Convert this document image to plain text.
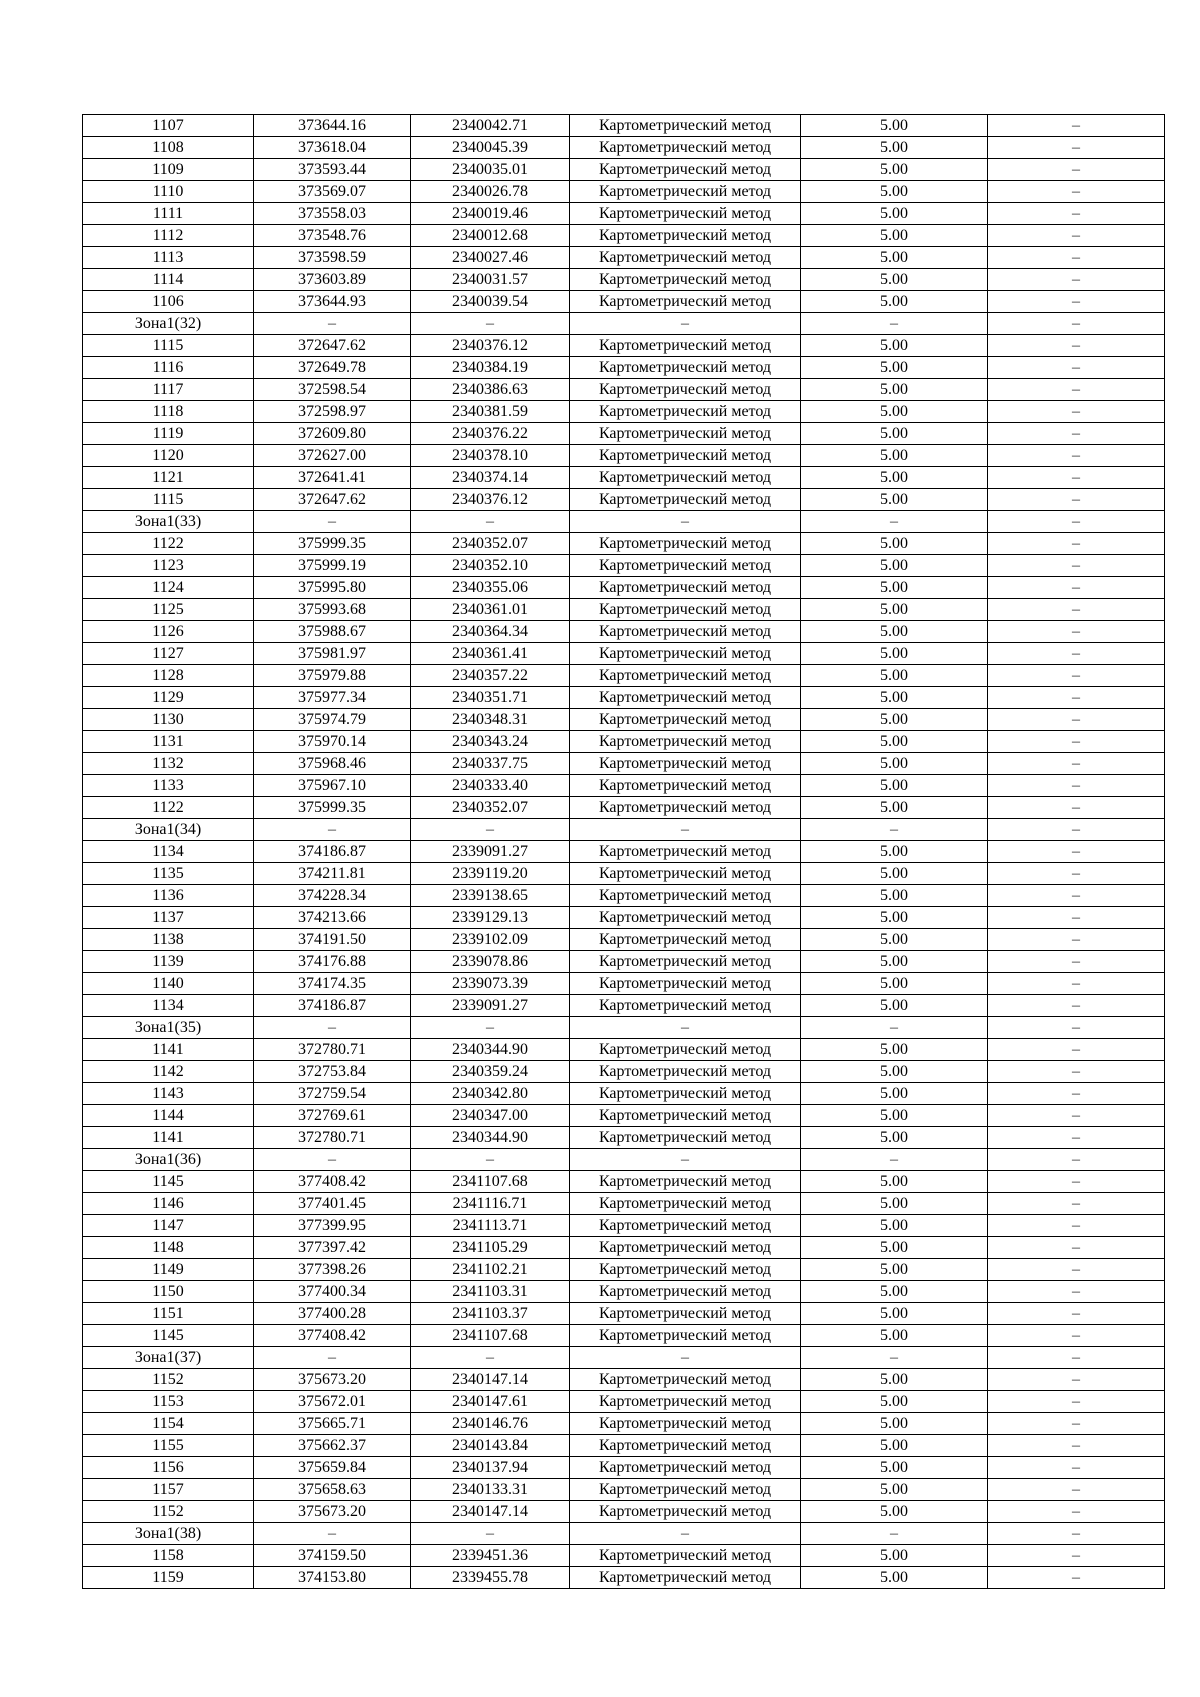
1107	373644.16	2340042.71	Картометрический метод	5.00	–
1108	373618.04	2340045.39	Картометрический метод	5.00	–
1109	373593.44	2340035.01	Картометрический метод	5.00	–
1110	373569.07	2340026.78	Картометрический метод	5.00	–
1111	373558.03	2340019.46	Картометрический метод	5.00	–
1112	373548.76	2340012.68	Картометрический метод	5.00	–
1113	373598.59	2340027.46	Картометрический метод	5.00	–
1114	373603.89	2340031.57	Картометрический метод	5.00	–
1106	373644.93	2340039.54	Картометрический метод	5.00	–
Зона1(32)	–	–	–	–	–
1115	372647.62	2340376.12	Картометрический метод	5.00	–
1116	372649.78	2340384.19	Картометрический метод	5.00	–
1117	372598.54	2340386.63	Картометрический метод	5.00	–
1118	372598.97	2340381.59	Картометрический метод	5.00	–
1119	372609.80	2340376.22	Картометрический метод	5.00	–
1120	372627.00	2340378.10	Картометрический метод	5.00	–
1121	372641.41	2340374.14	Картометрический метод	5.00	–
1115	372647.62	2340376.12	Картометрический метод	5.00	–
Зона1(33)	–	–	–	–	–
1122	375999.35	2340352.07	Картометрический метод	5.00	–
1123	375999.19	2340352.10	Картометрический метод	5.00	–
1124	375995.80	2340355.06	Картометрический метод	5.00	–
1125	375993.68	2340361.01	Картометрический метод	5.00	–
1126	375988.67	2340364.34	Картометрический метод	5.00	–
1127	375981.97	2340361.41	Картометрический метод	5.00	–
1128	375979.88	2340357.22	Картометрический метод	5.00	–
1129	375977.34	2340351.71	Картометрический метод	5.00	–
1130	375974.79	2340348.31	Картометрический метод	5.00	–
1131	375970.14	2340343.24	Картометрический метод	5.00	–
1132	375968.46	2340337.75	Картометрический метод	5.00	–
1133	375967.10	2340333.40	Картометрический метод	5.00	–
1122	375999.35	2340352.07	Картометрический метод	5.00	–
Зона1(34)	–	–	–	–	–
1134	374186.87	2339091.27	Картометрический метод	5.00	–
1135	374211.81	2339119.20	Картометрический метод	5.00	–
1136	374228.34	2339138.65	Картометрический метод	5.00	–
1137	374213.66	2339129.13	Картометрический метод	5.00	–
1138	374191.50	2339102.09	Картометрический метод	5.00	–
1139	374176.88	2339078.86	Картометрический метод	5.00	–
1140	374174.35	2339073.39	Картометрический метод	5.00	–
1134	374186.87	2339091.27	Картометрический метод	5.00	–
Зона1(35)	–	–	–	–	–
1141	372780.71	2340344.90	Картометрический метод	5.00	–
1142	372753.84	2340359.24	Картометрический метод	5.00	–
1143	372759.54	2340342.80	Картометрический метод	5.00	–
1144	372769.61	2340347.00	Картометрический метод	5.00	–
1141	372780.71	2340344.90	Картометрический метод	5.00	–
Зона1(36)	–	–	–	–	–
1145	377408.42	2341107.68	Картометрический метод	5.00	–
1146	377401.45	2341116.71	Картометрический метод	5.00	–
1147	377399.95	2341113.71	Картометрический метод	5.00	–
1148	377397.42	2341105.29	Картометрический метод	5.00	–
1149	377398.26	2341102.21	Картометрический метод	5.00	–
1150	377400.34	2341103.31	Картометрический метод	5.00	–
1151	377400.28	2341103.37	Картометрический метод	5.00	–
1145	377408.42	2341107.68	Картометрический метод	5.00	–
Зона1(37)	–	–	–	–	–
1152	375673.20	2340147.14	Картометрический метод	5.00	–
1153	375672.01	2340147.61	Картометрический метод	5.00	–
1154	375665.71	2340146.76	Картометрический метод	5.00	–
1155	375662.37	2340143.84	Картометрический метод	5.00	–
1156	375659.84	2340137.94	Картометрический метод	5.00	–
1157	375658.63	2340133.31	Картометрический метод	5.00	–
1152	375673.20	2340147.14	Картометрический метод	5.00	–
Зона1(38)	–	–	–	–	–
1158	374159.50	2339451.36	Картометрический метод	5.00	–
1159	374153.80	2339455.78	Картометрический метод	5.00	–
